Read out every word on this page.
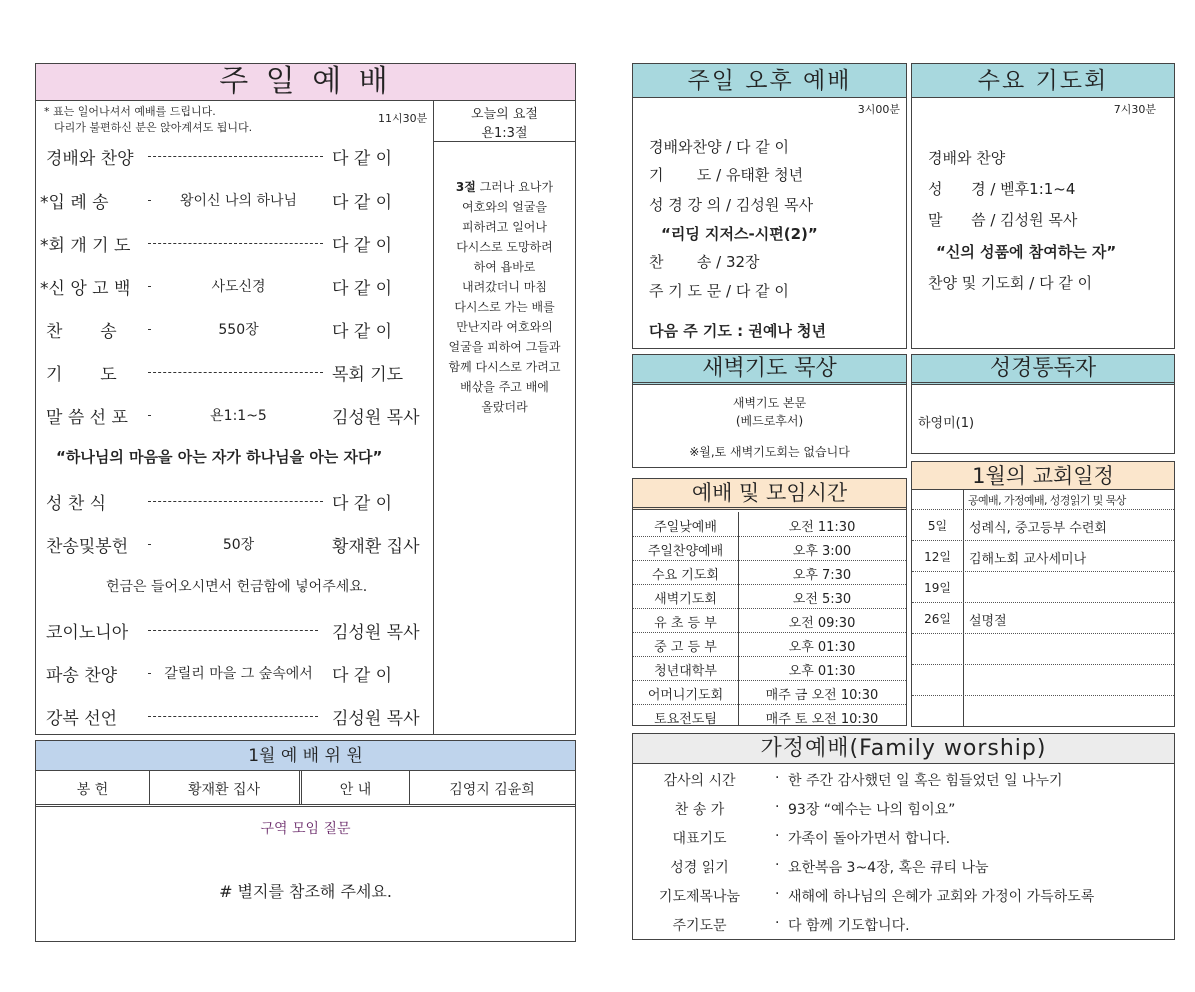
주 일 예 배
* 표는 일어나셔서 예배를 드립니다.
다리가 불편하신 분은 앉아계셔도 됩니다.
11시30분	오늘의 요절
욘1:3절
3절 그러나 요나가
여호와의 얼굴을
피하려고 일어나
다시스로 도망하려
하여 욥바로
내려갔더니 마침
다시스로 가는 배를
만난지라 여호와의
얼굴을 피하여 그들과
함께 다시스로 가려고
배삯을 주고 배에
올랐더라
경배와 찬양	다 같 이
*입 례 송	왕이신 나의 하나님	다 같 이
*회 개 기 도	다 같 이
*신 앙 고 백	사도신경	다 같 이
찬       송	550장	다 같 이
기       도	목회 기도
말 씀 선 포	욘1:1~5	김성원 목사
성 찬 식	다 같 이
찬송및봉헌	50장	황재환 집사
코이노니아	김성원 목사
파송 찬양	갈릴리 마을 그 숲속에서	다 같 이
강복 선언	김성원 목사
“하나님의 마음을 아는 자가 하나님을 아는 자다”
헌금은 들어오시면서 헌금함에 넣어주세요.
1월 예 배 위 원
봉 헌	황재환 집사	안 내	김영지 김윤희
구역 모임 질문
# 별지를 참조해 주세요.
주일 오후 예배
3시00분
경배와찬양 / 다 같 이
기       도 / 유태환 청년
성 경 강 의 / 김성원 목사
“리딩 지저스-시편(2)”
찬       송 / 32장
주 기 도 문 / 다 같 이
다음 주 기도 : 권예나 청년
수요 기도회
7시30분
경배와 찬양
성      경 / 벧후1:1~4
말      씀 / 김성원 목사
“신의 성품에 참여하는 자”
찬양 및 기도회 / 다 같 이
새벽기도 묵상
새벽기도 본문
(베드로후서)
※월,토 새벽기도회는 없습니다
성경통독자
하영미(1)
예배 및 모임시간
주일낮예배	오전 11:30
주일찬양예배	오후 3:00
수요 기도회	오후 7:30
새벽기도회	오전 5:30
유 초 등 부	오전 09:30
중 고 등 부	오후 01:30
청년대학부	오후 01:30
어머니기도회	매주 금 오전 10:30
토요전도팀	매주 토 오전 10:30
1월의 교회일정
공예배, 가정예배, 성경읽기 및 묵상
5일	성례식, 중고등부 수련회
12일	김해노회 교사세미나
19일
26일	설명절
가정예배(Family worship)
감사의 시간	· 한 주간 감사했던 일 혹은 힘들었던 일 나누기
찬 송 가	· 93장 “예수는 나의 힘이요”
대표기도	· 가족이 돌아가면서 합니다.
성경 읽기	· 요한복음 3~4장, 혹은 큐티 나눔
기도제목나눔	· 새해에 하나님의 은혜가 교회와 가정이 가득하도록
주기도문	· 다 함께 기도합니다.
